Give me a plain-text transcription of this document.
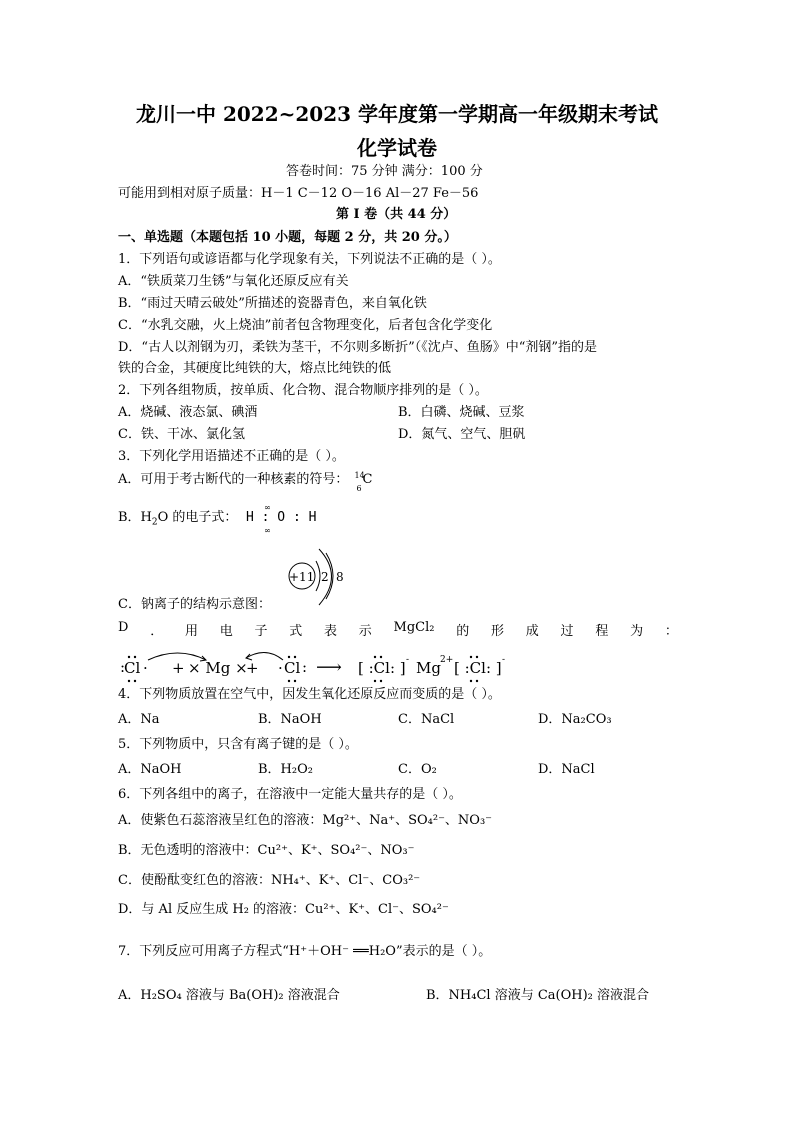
龙川一中 2022~2023 学年度第一学期高一年级期末考试
化学试卷
答卷时间：75 分钟 满分：100 分
可能用到相对原子质量：H－1 C－12 O－16 Al－27 Fe－56
第 I 卷（共 44 分）
一、单选题（本题包括 10 小题，每题 2 分，共 20 分。）
1．下列语句或谚语都与化学现象有关，下列说法不正确的是（ ）。
A．“铁质菜刀生锈”与氧化还原反应有关
B．“雨过天晴云破处”所描述的瓷器青色，来自氧化铁
C．“水乳交融，火上烧油”前者包含物理变化，后者包含化学变化
D．“古人以剂钢为刃，柔铁为茎干，不尔则多断折”（《沈卢、鱼肠》中“剂钢”指的是
铁的合金，其硬度比纯铁的大，熔点比纯铁的低
2．下列各组物质，按单质、化合物、混合物顺序排列的是（ ）。
A．烧碱、液态氯、碘酒	B．白磷、烧碱、豆浆
C．铁、干冰、氯化氢	D．氮气、空气、胆矾
3．下列化学用语描述不正确的是（ ）。
A．可用于考古断代的一种核素的符号： 14
6
C
B．$H_2O$ 的电子式： H : O : H
∞
∞
C．钠离子的结构示意图：
+11 2 8
D ． 用 电 子 式 表 示 MgCl₂ 的 形 成 过 程 为 ：
:
Cl · + × Mg ×
+ · Cl : ⟶ [ :Cl: ] - Mg 2+ [ :Cl: ] -
4．下列物质放置在空气中，因发生氧化还原反应而变质的是（ ）。
A．Na	B．NaOH	C．NaCl	D．Na₂CO₃
5．下列物质中，只含有离子键的是（ ）。
A．NaOH	B．H₂O₂	C．O₂	D．NaCl
6．下列各组中的离子，在溶液中一定能大量共存的是（ ）。
A．使紫色石蕊溶液呈红色的溶液：Mg²⁺、Na⁺、SO₄²⁻、NO₃⁻
B．无色透明的溶液中：Cu²⁺、K⁺、SO₄²⁻、NO₃⁻
C．使酚酞变红色的溶液：NH₄⁺、K⁺、Cl⁻、CO₃²⁻
D．与 Al 反应生成 H₂ 的溶液：Cu²⁺、K⁺、Cl⁻、SO₄²⁻
7．下列反应可用离子方程式“H⁺＋OH⁻ ══H₂O”表示的是（ ）。
A．H₂SO₄ 溶液与 Ba(OH)₂ 溶液混合	B．NH₄Cl 溶液与 Ca(OH)₂ 溶液混合
